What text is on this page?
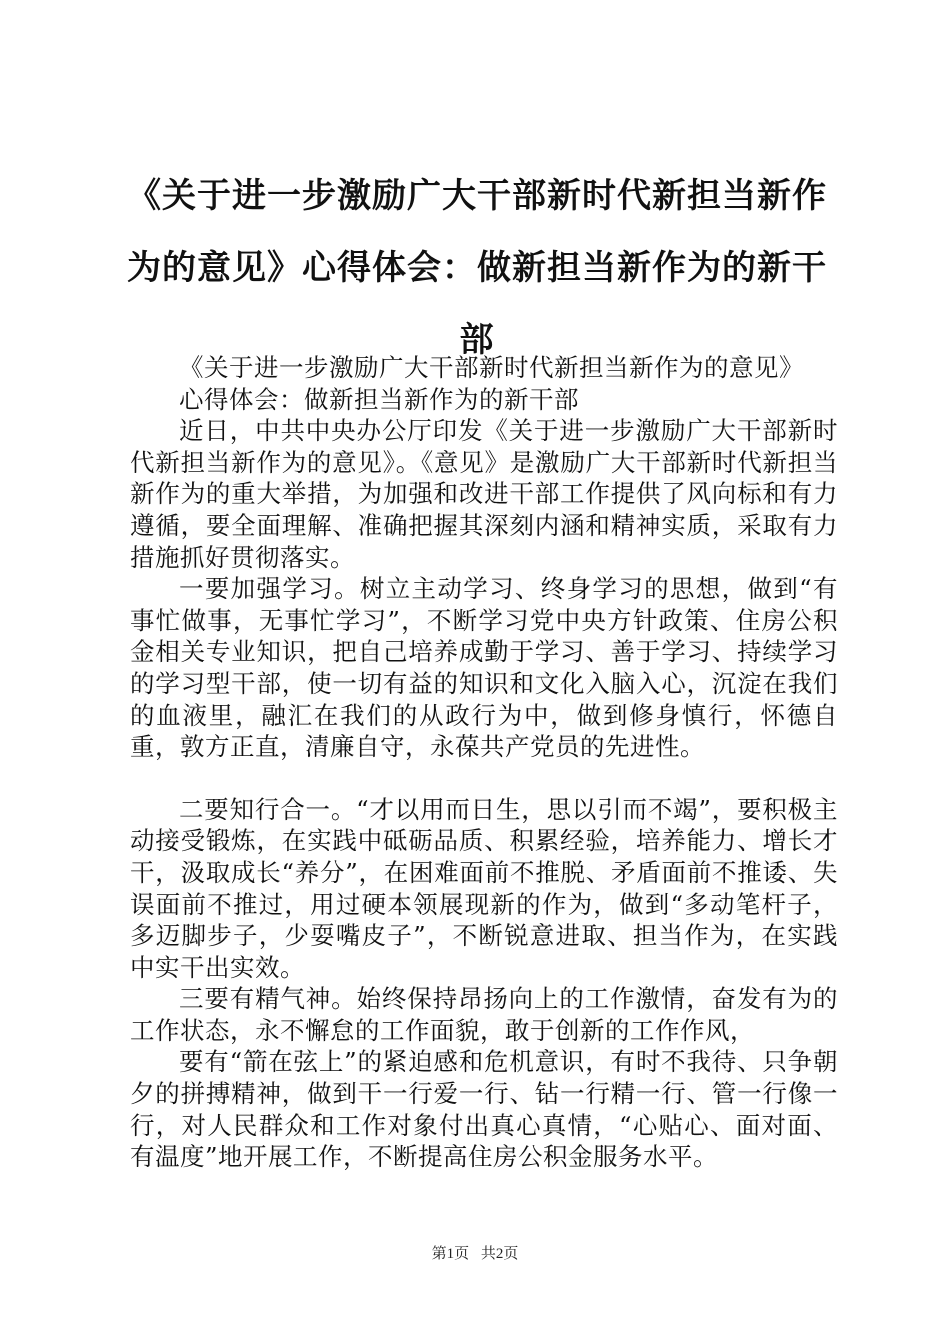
《关于进一步激励广大干部新时代新担当新作为的意见》心得体会：做新担当新作为的新干部

《关于进一步激励广大干部新时代新担当新作为的意见》

心得体会：做新担当新作为的新干部

近日，中共中央办公厅印发《关于进一步激励广大干部新时代新担当新作为的意见》。《意见》是激励广大干部新时代新担当新作为的重大举措，为加强和改进干部工作提供了风向标和有力遵循，要全面理解、准确把握其深刻内涵和精神实质，采取有力措施抓好贯彻落实。

一要加强学习。树立主动学习、终身学习的思想，做到“有事忙做事，无事忙学习”，不断学习党中央方针政策、住房公积金相关专业知识，把自己培养成勤于学习、善于学习、持续学习的学习型干部，使一切有益的知识和文化入脑入心，沉淀在我们的血液里，融汇在我们的从政行为中，做到修身慎行，怀德自重，敦方正直，清廉自守，永葆共产党员的先进性。

二要知行合一。“才以用而日生，思以引而不竭”，要积极主动接受锻炼，在实践中砥砺品质、积累经验，培养能力、增长才干，汲取成长“养分”，在困难面前不推脱、矛盾面前不推诿、失误面前不推过，用过硬本领展现新的作为，做到“多动笔杆子，多迈脚步子，少耍嘴皮子”，不断锐意进取、担当作为，在实践中实干出实效。

三要有精气神。始终保持昂扬向上的工作激情，奋发有为的工作状态，永不懈怠的工作面貌，敢于创新的工作作风，

要有“箭在弦上”的紧迫感和危机意识，有时不我待、只争朝夕的拼搏精神，做到干一行爱一行、钻一行精一行、管一行像一行，对人民群众和工作对象付出真心真情，“心贴心、面对面、有温度”地开展工作，不断提高住房公积金服务水平。

第1页 共2页
